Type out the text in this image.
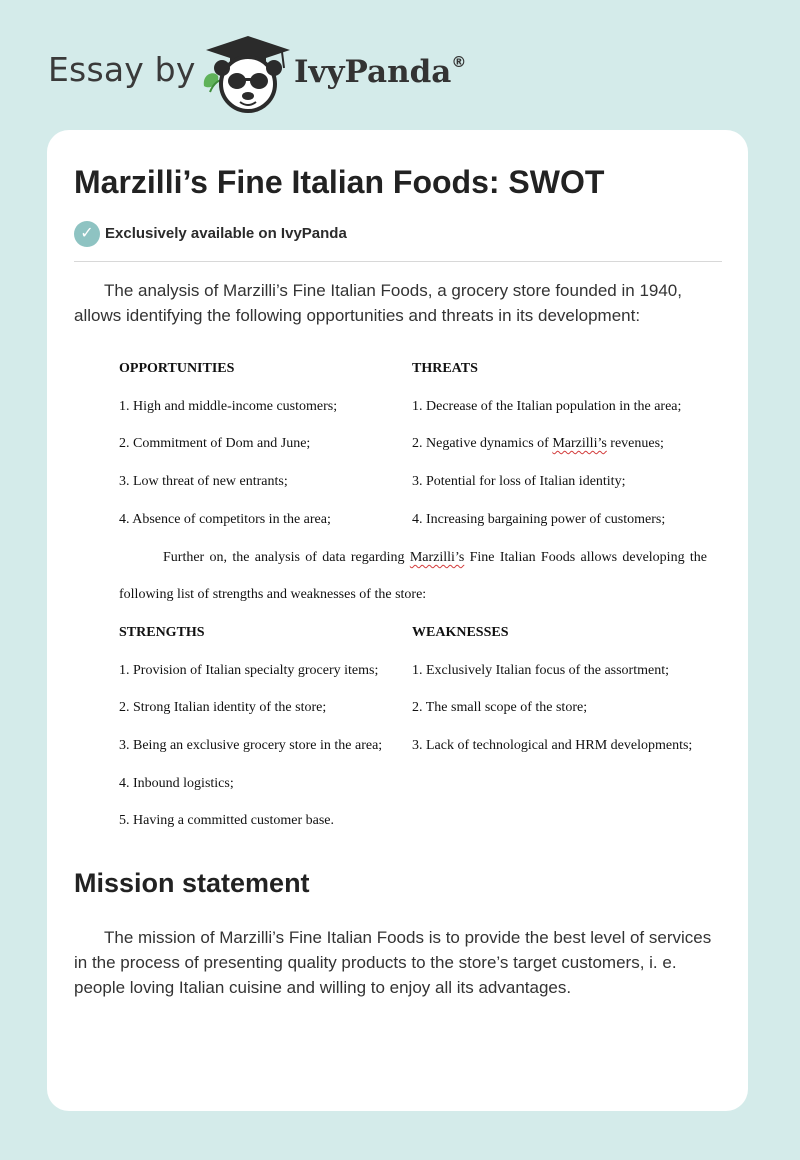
Essay by	IvyPanda®
Marzilli’s Fine Italian Foods: SWOT
✓ Exclusively available on IvyPanda

The analysis of Marzilli’s Fine Italian Foods, a grocery store founded in 1940, allows identifying the following opportunities and threats in its development:

OPPORTUNITIES	THREATS
1. High and middle-income customers;	1. Decrease of the Italian population in the area;
2. Commitment of Dom and June;	2. Negative dynamics of Marzilli’s revenues;
3. Low threat of new entrants;	3. Potential for loss of Italian identity;
4. Absence of competitors in the area;	4. Increasing bargaining power of customers;
Further on, the analysis of data regarding Marzilli’s Fine Italian Foods allows developing the
following list of strengths and weaknesses of the store:
STRENGTHS	WEAKNESSES
1. Provision of Italian specialty grocery items; 1. Exclusively Italian focus of the assortment;
2. Strong Italian identity of the store;	2. The small scope of the store;
3. Being an exclusive grocery store in the area; 3. Lack of technological and HRM developments;
4. Inbound logistics;
5. Having a committed customer base.
Mission statement

The mission of Marzilli’s Fine Italian Foods is to provide the best level of services in the process of presenting quality products to the store’s target customers, i. e. people loving Italian cuisine and willing to enjoy all its advantages.
